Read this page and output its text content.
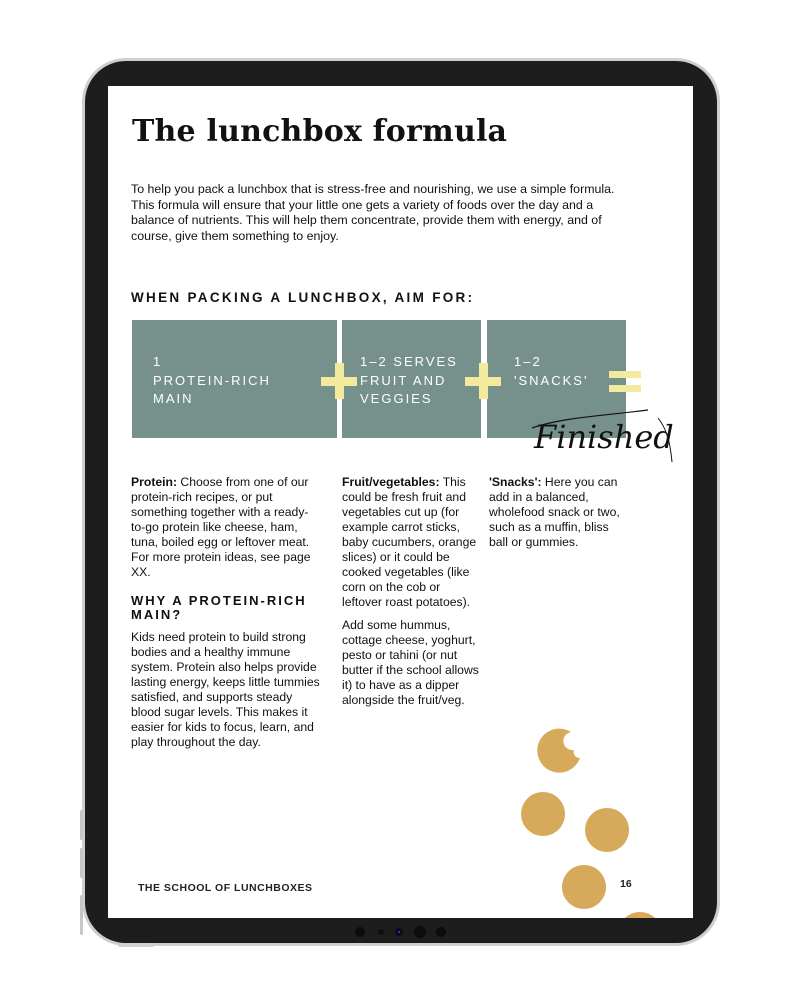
The lunchbox formula

To help you pack a lunchbox that is stress-free and nourishing, we use a simple formula. This formula will ensure that your little one gets a variety of foods over the day and a balance of nutrients. This will help them concentrate, provide them with energy, and of course, give them something to enjoy.

WHEN PACKING A LUNCHBOX, AIM FOR:
1
PROTEIN-RICH
MAIN
1–2 SERVES
FRUIT AND
VEGGIES
1–2
'SNACKS'
Finished

Protein: Choose from one of our protein-rich recipes, or put something together with a ready-to-go protein like cheese, ham, tuna, boiled egg or leftover meat. For more protein ideas, see page XX.

WHY A PROTEIN-RICH MAIN?

Kids need protein to build strong bodies and a healthy immune system. Protein also helps provide lasting energy, keeps little tummies satisfied, and supports steady blood sugar levels. This makes it easier for kids to focus, learn, and play throughout the day.

Fruit/vegetables: This could be fresh fruit and vegetables cut up (for example carrot sticks, baby cucumbers, orange slices) or it could be cooked vegetables (like corn on the cob or leftover roast potatoes).

Add some hummus, cottage cheese, yoghurt, pesto or tahini (or nut butter if the school allows it) to have as a dipper alongside the fruit/veg.

'Snacks': Here you can add in a balanced, wholefood snack or two, such as a muffin, bliss ball or gummies.

THE SCHOOL OF LUNCHBOXES	16
